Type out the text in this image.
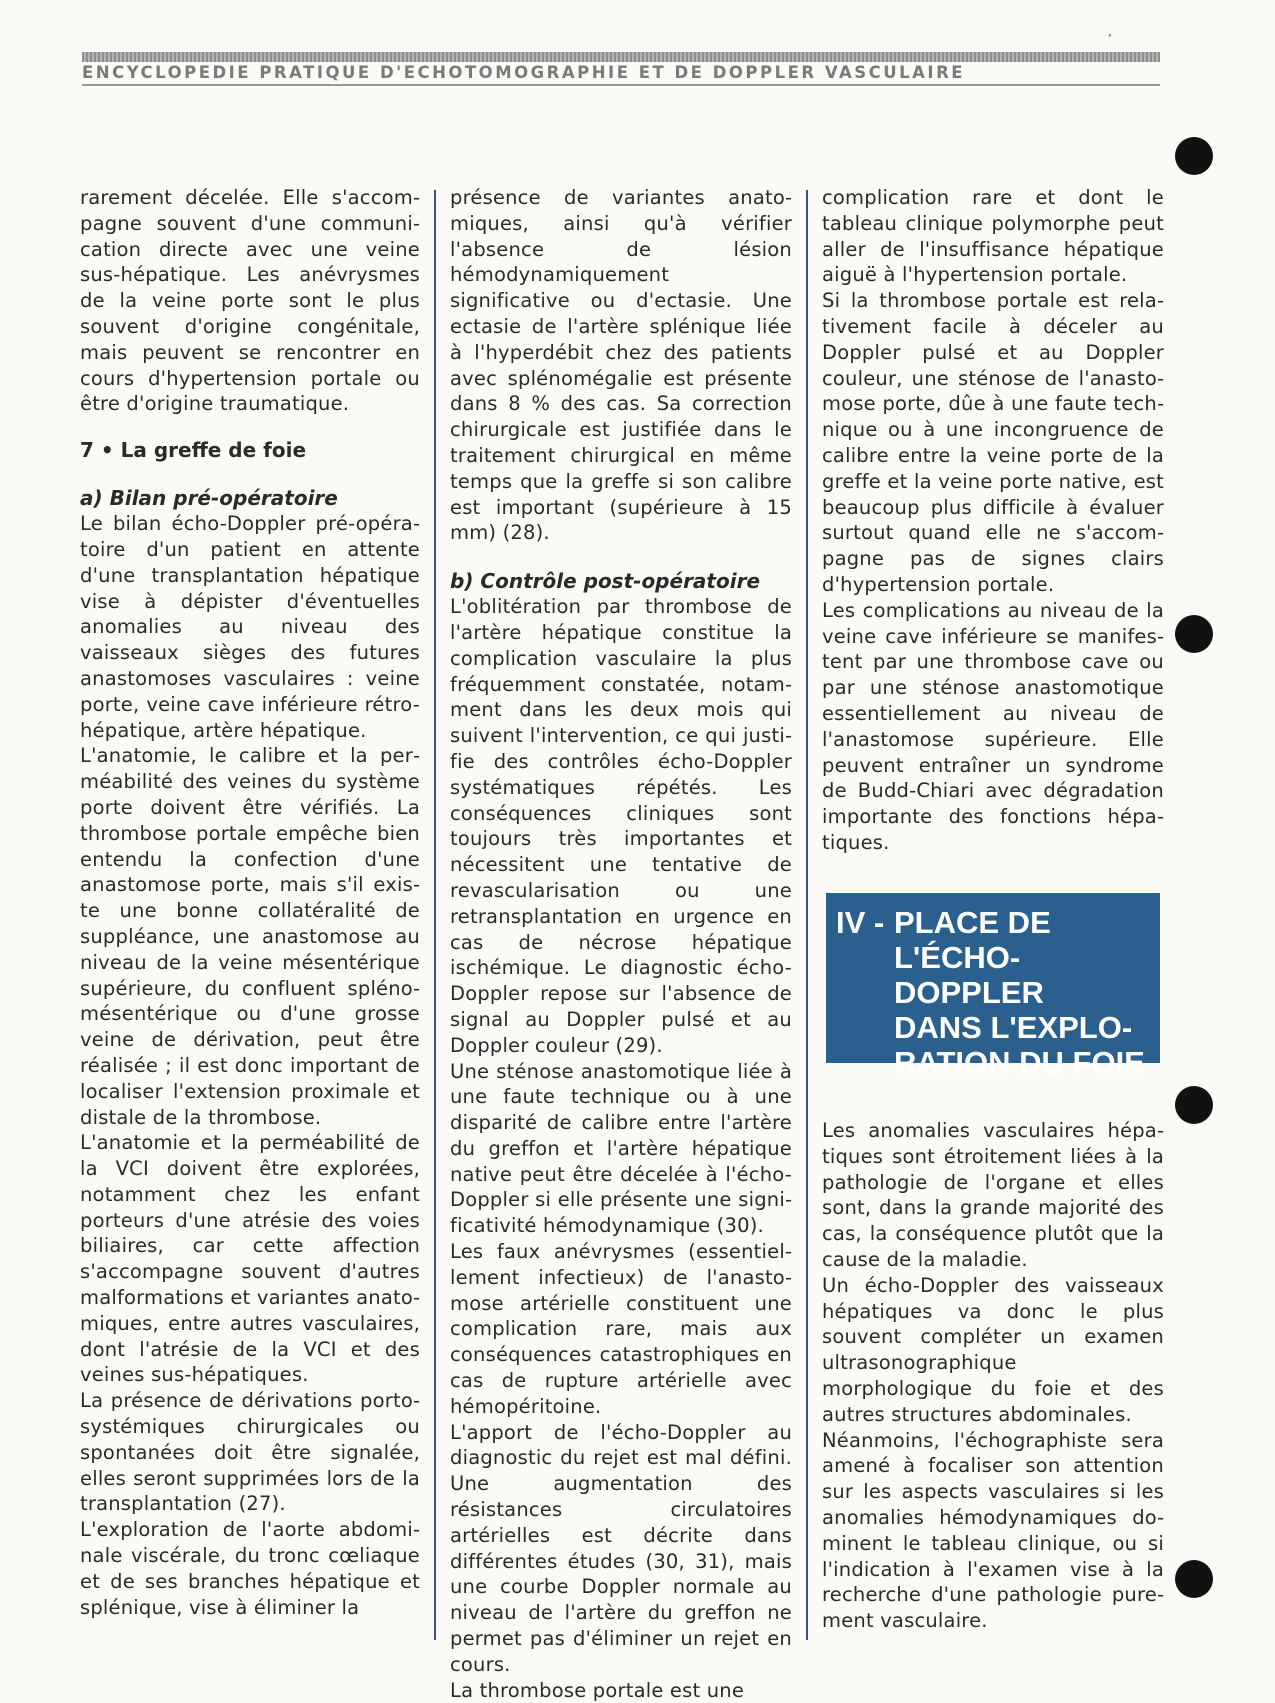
ʼ
ENCYCLOPEDIE PRATIQUE D'ECHOTOMOGRAPHIE ET DE DOPPLER VASCULAIRE

rarement décelée. Elle s'accompagne souvent d'une communication directe avec une veine sus-hépatique. Les anévrysmes de la veine porte sont le plus souvent d'origine congénitale, mais peuvent se rencontrer en cours d'hypertension portale ou être d'origine traumatique.

7 • La greffe de foie
a) Bilan pré-opératoire

Le bilan écho-Doppler pré-opératoire d'un patient en attente d'une transplantation hépatique vise à dépister d'éventuelles anomalies au niveau des vaisseaux sièges des futures anastomoses vasculaires : veine porte, veine cave inférieure rétro-hépatique, artère hépatique.

L'anatomie, le calibre et la perméabilité des veines du système porte doivent être vérifiés. La thrombose portale empêche bien entendu la confection d'une anastomose porte, mais s'il existe une bonne collatéralité de suppléance, une anastomose au niveau de la veine mésentérique supérieure, du confluent splénomésentérique ou d'une grosse veine de dérivation, peut être réalisée ; il est donc important de localiser l'extension proximale et distale de la thrombose.

L'anatomie et la perméabilité de la VCI doivent être explorées, notamment chez les enfant porteurs d'une atrésie des voies biliaires, car cette affection s'accompagne souvent d'autres malformations et variantes anatomiques, entre autres vasculaires, dont l'atrésie de la VCI et des veines sus-hépatiques.

La présence de dérivations portosystémiques chirurgicales ou spontanées doit être signalée, elles seront supprimées lors de la transplantation (27).

L'exploration de l'aorte abdominale viscérale, du tronc cœliaque et de ses branches hépatique et splénique, vise à éliminer la

présence de variantes anatomiques, ainsi qu'à vérifier l'absence de lésion hémodynamiquement significative ou d'ectasie. Une ectasie de l'artère splénique liée à l'hyperdébit chez des patients avec splénomégalie est présente dans 8 % des cas. Sa correction chirurgicale est justifiée dans le traitement chirurgical en même temps que la greffe si son calibre est important (supérieure à 15 mm) (28).

b) Contrôle post-opératoire

L'oblitération par thrombose de l'artère hépatique constitue la complication vasculaire la plus fréquemment constatée, notamment dans les deux mois qui suivent l'intervention, ce qui justifie des contrôles écho-Doppler systématiques répétés. Les conséquences cliniques sont toujours très importantes et nécessitent une tentative de revascularisation ou une retransplantation en urgence en cas de nécrose hépatique ischémique. Le diagnostic écho-Doppler repose sur l'absence de signal au Doppler pulsé et au Doppler couleur (29).

Une sténose anastomotique liée à une faute technique ou à une disparité de calibre entre l'artère du greffon et l'artère hépatique native peut être décelée à l'écho-Doppler si elle présente une significativité hémodynamique (30).

Les faux anévrysmes (essentiellement infectieux) de l'anastomose artérielle constituent une complication rare, mais aux conséquences catastrophiques en cas de rupture artérielle avec hémopéritoine.

L'apport de l'écho-Doppler au diagnostic du rejet est mal défini. Une augmentation des résistances circulatoires artérielles est décrite dans différentes études (30, 31), mais une courbe Doppler normale au niveau de l'artère du greffon ne permet pas d'éliminer un rejet en cours.

La thrombose portale est une

complication rare et dont le tableau clinique polymorphe peut aller de l'insuffisance hépatique aiguë à l'hypertension portale.

Si la thrombose portale est relativement facile à déceler au Doppler pulsé et au Doppler couleur, une sténose de l'anastomose porte, dûe à une faute technique ou à une incongruence de calibre entre la veine porte de la greffe et la veine porte native, est beaucoup plus difficile à évaluer surtout quand elle ne s'accompagne pas de signes clairs d'hypertension portale.

Les complications au niveau de la veine cave inférieure se manifestent par une thrombose cave ou par une sténose anastomotique essentiellement au niveau de l'anastomose supérieure. Elle peuvent entraîner un syndrome de Budd-Chiari avec dégradation importante des fonctions hépatiques.

IV - PLACE DE
L'ÉCHO-DOPPLER
DANS L'EXPLO-
RATION DU FOIE

Les anomalies vasculaires hépatiques sont étroitement liées à la pathologie de l'organe et elles sont, dans la grande majorité des cas, la conséquence plutôt que la cause de la maladie.

Un écho-Doppler des vaisseaux hépatiques va donc le plus souvent compléter un examen ultrasonographique morphologique du foie et des autres structures abdominales.

Néanmoins, l'échographiste sera amené à focaliser son attention sur les aspects vasculaires si les anomalies hémodynamiques dominent le tableau clinique, ou si l'indication à l'examen vise à la recherche d'une pathologie purement vasculaire.
